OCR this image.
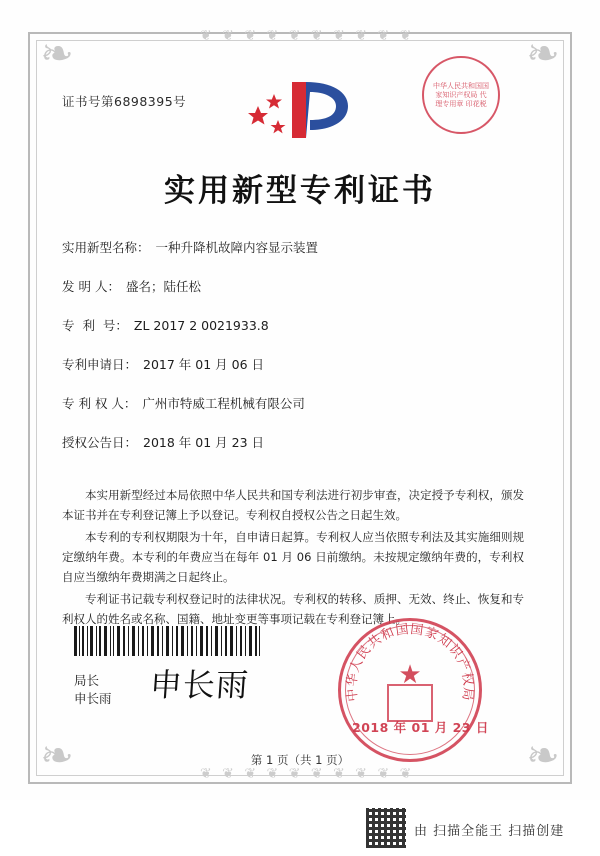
❧	❧
❧	❧
❦ ❦ ❦ ❦ ❦ ❦ ❦ ❦ ❦ ❦
❦ ❦ ❦ ❦ ❦ ❦ ❦ ❦ ❦ ❦
中华人民共和国国家知识产权局 代理专用章 印花税
证书号第6898395号
实用新型专利证书
实用新型名称： 一种升降机故障内容显示装置
发 明 人： 盛名；陆任松
专  利  号： ZL 2017 2 0021933.8
专利申请日： 2017 年 01 月 06 日
专 利 权 人： 广州市特威工程机械有限公司
授权公告日： 2018 年 01 月 23 日

本实用新型经过本局依照中华人民共和国专利法进行初步审查，决定授予专利权，颁发本证书并在专利登记簿上予以登记。专利权自授权公告之日起生效。

本专利的专利权期限为十年，自申请日起算。专利权人应当依照专利法及其实施细则规定缴纳年费。本专利的年费应当在每年 01 月 06 日前缴纳。未按规定缴纳年费的，专利权自应当缴纳年费期满之日起终止。

专利证书记载专利权登记时的法律状况。专利权的转移、质押、无效、终止、恢复和专利权人的姓名或名称、国籍、地址变更等事项记载在专利登记簿上。

局长
申长雨 申长雨	中华人民共和国国家知识产权局
★
2018 年 01 月 23 日
第 1 页（共 1 页）
由 扫描全能王 扫描创建
